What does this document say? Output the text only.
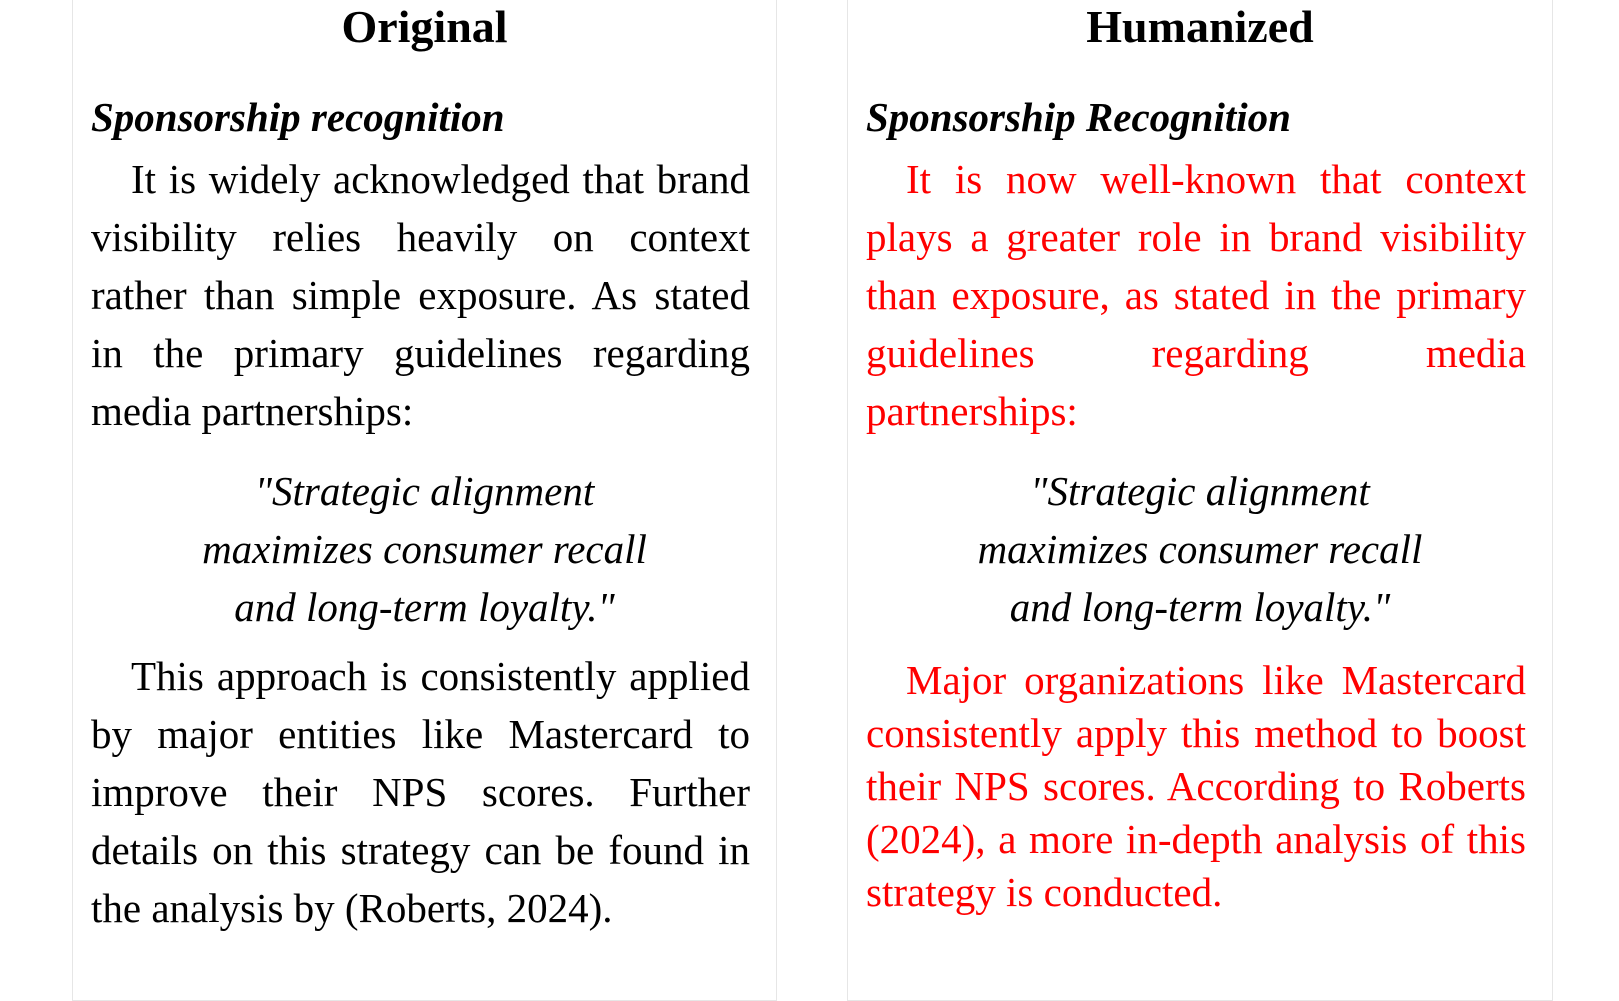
Original
Sponsorship recognition

It is widely acknowledged that brand visibility relies heavily on context rather than simple exposure. As stated in the primary guidelines regarding media partnerships:

"Strategic alignment
maximizes consumer recall
and long-term loyalty."

This approach is consistently applied by major entities like Mastercard to improve their NPS scores. Further details on this strategy can be found in the analysis by (Roberts, 2024).

Humanized
Sponsorship Recognition

It is now well-known that context plays a greater role in brand visibility than exposure, as stated in the primary guidelines regarding media partnerships:

"Strategic alignment
maximizes consumer recall
and long-term loyalty."

Major organizations like Mastercard consistently apply this method to boost their NPS scores. According to Roberts (2024), a more in-depth analysis of this strategy is conducted.
